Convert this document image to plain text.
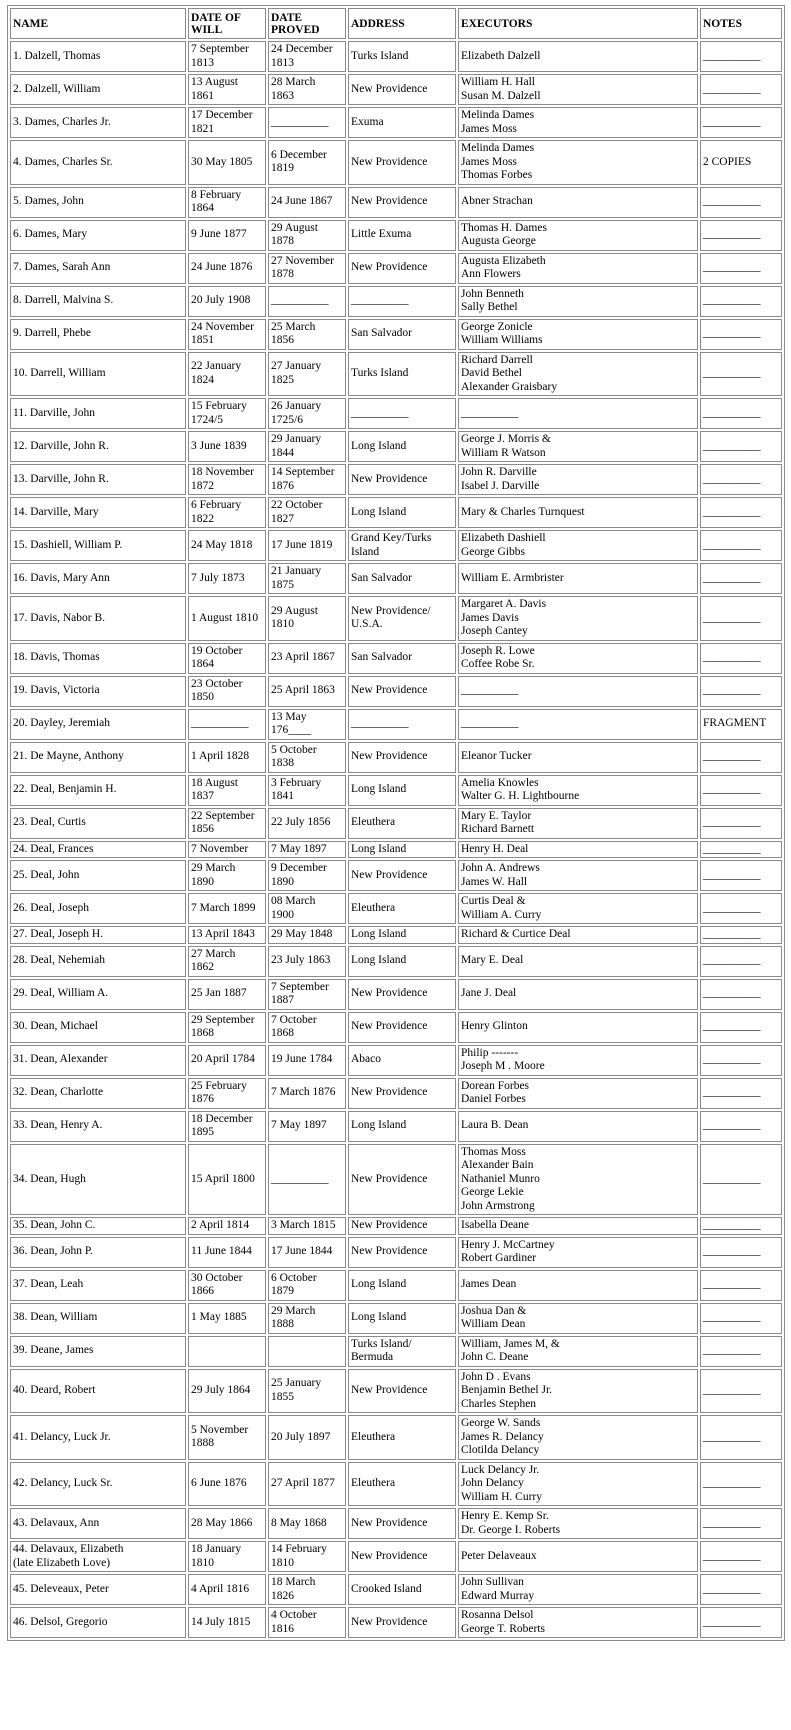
NAME	DATE OF
WILL	DATE
PROVED	ADDRESS	EXECUTORS	NOTES
1. Dalzell, Thomas	7 September
1813	24 December
1813	Turks Island	Elizabeth Dalzell	__________
2. Dalzell, William	13 August
1861	28 March
1863	New Providence	William H. Hall
Susan M. Dalzell	__________
3. Dames, Charles Jr.	17 December
1821	__________	Exuma	Melinda Dames
James Moss	__________
4. Dames, Charles Sr.	30 May 1805	6 December
1819	New Providence	Melinda Dames
James Moss
Thomas Forbes	2 COPIES
5. Dames, John	8 February
1864	24 June 1867	New Providence	Abner Strachan	__________
6. Dames, Mary	9 June 1877	29 August
1878	Little Exuma	Thomas H. Dames
Augusta George	__________
7. Dames, Sarah Ann	24 June 1876	27 November
1878	New Providence	Augusta Elizabeth
Ann Flowers	__________
8. Darrell, Malvina S.	20 July 1908	__________	__________	John Benneth
Sally Bethel	__________
9. Darrell, Phebe	24 November
1851	25 March
1856	San Salvador	George Zonicle
William Williams	__________
10. Darrell, William	22 January
1824	27 January
1825	Turks Island	Richard Darrell
David Bethel
Alexander Graisbary	__________
11. Darville, John	15 February
1724/5	26 January
1725/6	__________	__________	__________
12. Darville, John R.	3 June 1839	29 January
1844	Long Island	George J. Morris &
William R Watson	__________
13. Darville, John R.	18 November
1872	14 September
1876	New Providence	John R. Darville
Isabel J. Darville	__________
14. Darville, Mary	6 February
1822	22 October
1827	Long Island	Mary & Charles Turnquest	__________
15. Dashiell, William P.	24 May 1818	17 June 1819	Grand Key/Turks
Island	Elizabeth Dashiell
George Gibbs	__________
16. Davis, Mary Ann	7 July 1873	21 January
1875	San Salvador	William E. Armbrister	__________
17. Davis, Nabor B.	1 August 1810	29 August
1810	New Providence/
U.S.A.	Margaret A. Davis
James Davis
Joseph Cantey	__________
18. Davis, Thomas	19 October
1864	23 April 1867	San Salvador	Joseph R. Lowe
Coffee Robe Sr.	__________
19. Davis, Victoria	23 October
1850	25 April 1863	New Providence	__________	__________
20. Dayley, Jeremiah	__________	13 May
176____	__________	__________	FRAGMENT
21. De Mayne, Anthony	1 April 1828	5 October
1838	New Providence	Eleanor Tucker	__________
22. Deal, Benjamin H.	18 August
1837	3 February
1841	Long Island	Amelia Knowles
Walter G. H. Lightbourne	__________
23. Deal, Curtis	22 September
1856	22 July 1856	Eleuthera	Mary E. Taylor
Richard Barnett	__________
24. Deal, Frances	7 November	7 May 1897	Long Island	Henry H. Deal	__________
25. Deal, John	29 March
1890	9 December
1890	New Providence	John A. Andrews
James W. Hall	__________
26. Deal, Joseph	7 March 1899	08 March
1900	Eleuthera	Curtis Deal &
William A. Curry	__________
27. Deal, Joseph H.	13 April 1843	29 May 1848	Long Island	Richard & Curtice Deal	__________
28. Deal, Nehemiah	27 March
1862	23 July 1863	Long Island	Mary E. Deal	__________
29. Deal, William A.	25 Jan 1887	7 September
1887	New Providence	Jane J. Deal	__________
30. Dean, Michael	29 September
1868	7 October
1868	New Providence	Henry Glinton	__________
31. Dean, Alexander	20 April 1784	19 June 1784	Abaco	Philip -------
Joseph M . Moore	__________
32. Dean, Charlotte	25 February
1876	7 March 1876	New Providence	Dorean Forbes
Daniel Forbes	__________
33. Dean, Henry A.	18 December
1895	7 May 1897	Long Island	Laura B. Dean	__________
34. Dean, Hugh	15 April 1800	__________	New Providence	Thomas Moss
Alexander Bain
Nathaniel Munro
George Lekie
John Armstrong	__________
35. Dean, John C.	2 April 1814	3 March 1815	New Providence	Isabella Deane	__________
36. Dean, John P.	11 June 1844	17 June 1844	New Providence	Henry J. McCartney
Robert Gardiner	__________
37. Dean, Leah	30 October
1866	6 October
1879	Long Island	James Dean	__________
38. Dean, William	1 May 1885	29 March
1888	Long Island	Joshua Dan &
William Dean	__________
39. Deane, James			Turks Island/
Bermuda	William, James M, &
John C. Deane	__________
40. Deard, Robert	29 July 1864	25 January
1855	New Providence	John D . Evans
Benjamin Bethel Jr.
Charles Stephen	__________
41. Delancy, Luck Jr.	5 November
1888	20 July 1897	Eleuthera	George W. Sands
James R. Delancy
Clotilda Delancy	__________
42. Delancy, Luck Sr.	6 June 1876	27 April 1877	Eleuthera	Luck Delancy Jr.
John Delancy
William H. Curry	__________
43. Delavaux, Ann	28 May 1866	8 May 1868	New Providence	Henry E. Kemp Sr.
Dr. George I. Roberts	__________
44. Delavaux, Elizabeth
(late Elizabeth Love)	18 January
1810	14 February
1810	New Providence	Peter Delaveaux	__________
45. Deleveaux, Peter	4 April 1816	18 March
1826	Crooked Island	John Sullivan
Edward Murray	__________
46. Delsol, Gregorio	14 July 1815	4 October
1816	New Providence	Rosanna Delsol
George T. Roberts	__________
